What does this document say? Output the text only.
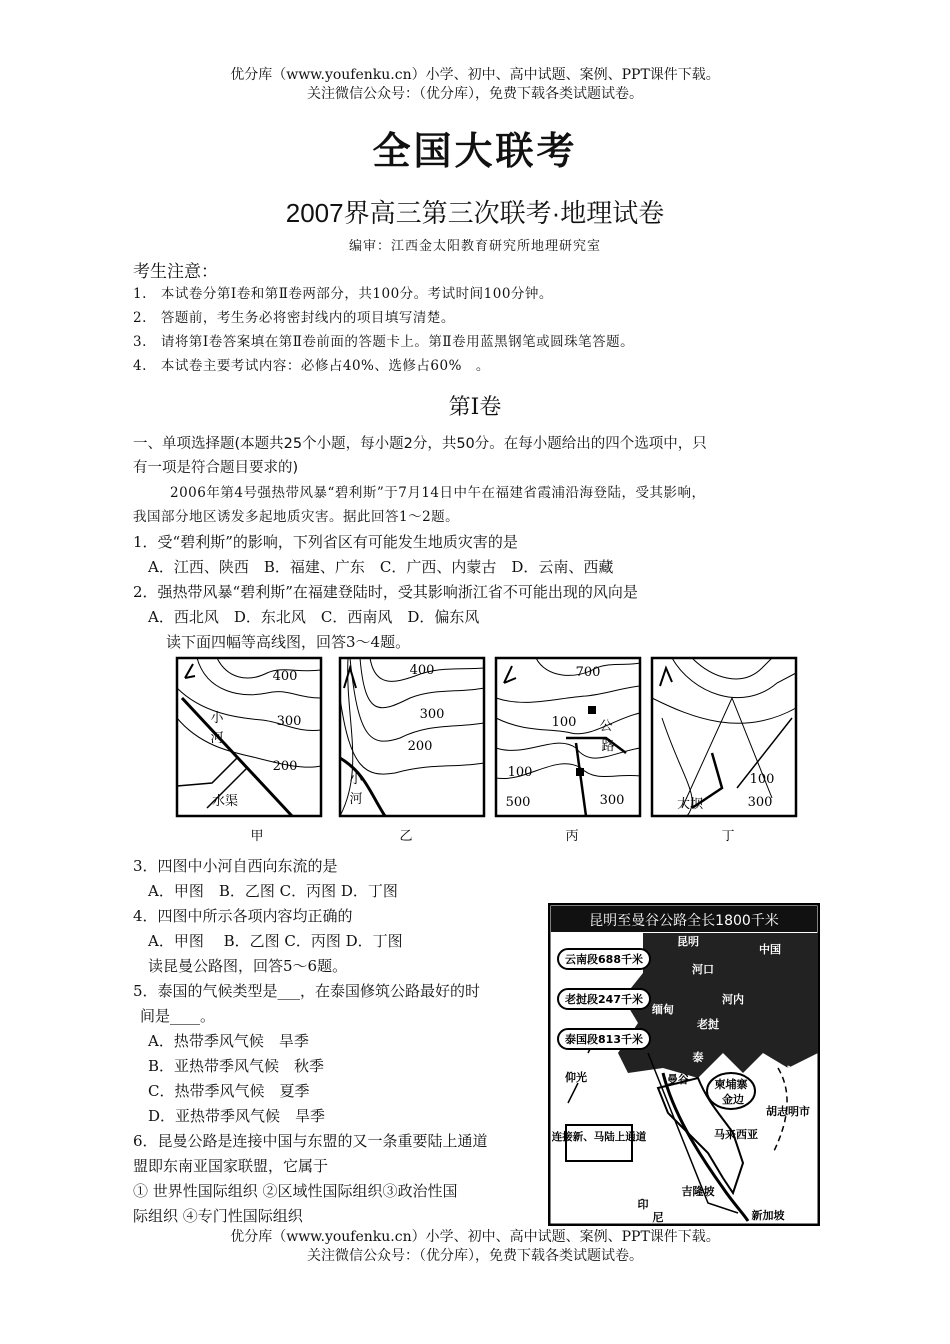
优分库（www.youfenku.cn）小学、初中、高中试题、案例、PPT课件下载。
关注微信公众号：（优分库），免费下载各类试题试卷。
全国大联考
2007界高三第三次联考·地理试卷
编审：江西金太阳教育研究所地理研究室
考生注意：
1.　本试卷分第Ⅰ卷和第Ⅱ卷两部分，共100分。考试时间100分钟。
2.　答题前，考生务必将密封线内的项目填写清楚。
3.　请将第Ⅰ卷答案填在第Ⅱ卷前面的答题卡上。第Ⅱ卷用蓝黑钢笔或圆珠笔答题。
4.　本试卷主要考试内容：必修占40%、选修占60%　。
第Ⅰ卷
一、单项选择题(本题共25个小题，每小题2分，共50分。在每小题给出的四个选项中，只
有一项是符合题目要求的)
2006年第4号强热带风暴“碧利斯”于7月14日中午在福建省霞浦沿海登陆，受其影响，
我国部分地区诱发多起地质灾害。据此回答1～2题。
1．受“碧利斯”的影响，下列省区有可能发生地质灾害的是
A．江西、陕西　B．福建、广东　C．广西、内蒙古　D．云南、西藏
2．强热带风暴“碧利斯”在福建登陆时，受其影响浙江省不可能出现的风向是
A．西北风　D．东北风　C．西南风　D．偏东风
读下面四幅等高线图，回答3～4题。
400
小
河
300
200
水渠
甲
400
300
200
小
河
乙
700
100 公
路
100
500	300
丙
100
大坝	300
丁
3．四图中小河自西向东流的是
A．甲图　B．乙图 C．丙图 D．丁图
4．四图中所示各项内容均正确的
A．甲图　 B．乙图 C．丙图 D．丁图
读昆曼公路图，回答5～6题。
5．泰国的气候类型是___，在泰国修筑公路最好的时
间是____。
A．热带季风气候　旱季
B．亚热带季风气候　秋季
C．热带季风气候　夏季
D．亚热带季风气候　旱季
6．昆曼公路是连接中国与东盟的又一条重要陆上通道
盟即东南亚国家联盟，它属于
① 世界性国际组织 ②区域性国际组织③政治性国
际组织 ④专门性国际组织
昆明至曼谷公路全长1800千米
云南段688千米
老挝段247千米
泰国段813千米
连接新、马陆上通道
中国
昆明
河口
河内
缅甸
老挝
泰
曼谷
仰光
柬埔寨
金边
越
胡志明市
马来西亚
吉隆坡
新加坡
印
尼
优分库（www.youfenku.cn）小学、初中、高中试题、案例、PPT课件下载。
关注微信公众号：（优分库），免费下载各类试题试卷。
